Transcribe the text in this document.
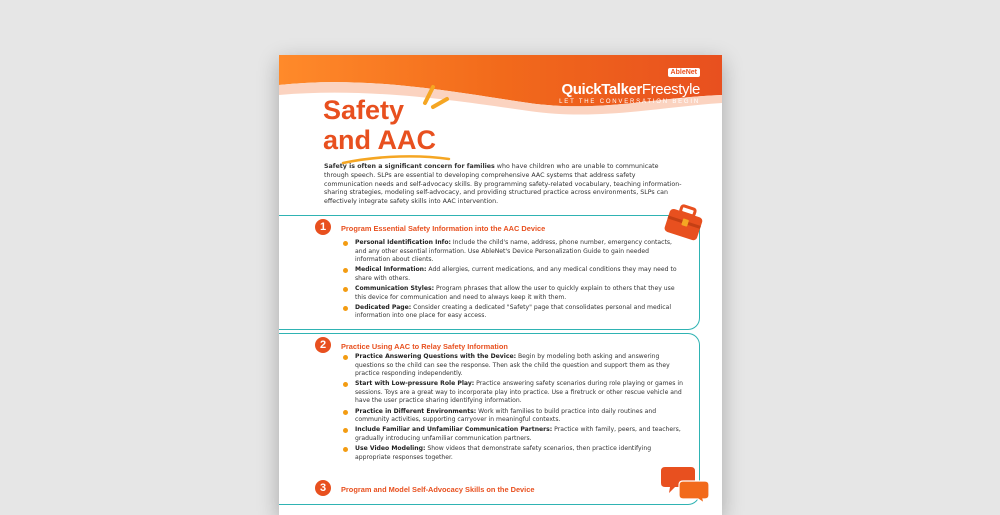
AbleNet
QuickTalkerFreestyle
LET THE CONVERSATION BEGIN
Safety
and AAC
Safety is often a significant concern for families who have children who are unable to communicate through speech. SLPs are essential to developing comprehensive AAC systems that address safety communication needs and self-advocacy skills. By programming safety-related vocabulary, teaching information-sharing strategies, modeling self-advocacy, and providing structured practice across environments, SLPs can effectively integrate safety skills into AAC intervention.
1	Program Essential Safety Information into the AAC Device
Personal Identification Info: Include the child's name, address, phone number, emergency contacts, and any other essential information. Use AbleNet's Device Personalization Guide to gain needed information about clients.
Medical Information: Add allergies, current medications, and any medical conditions they may need to share with others.
Communication Styles: Program phrases that allow the user to quickly explain to others that they use this device for communication and need to always keep it with them.
Dedicated Page: Consider creating a dedicated "Safety" page that consolidates personal and medical information into one place for easy access.
2	Practice Using AAC to Relay Safety Information
Practice Answering Questions with the Device: Begin by modeling both asking and answering questions so the child can see the response. Then ask the child the question and support them as they practice responding independently.
Start with Low-pressure Role Play: Practice answering safety scenarios during role playing or games in sessions. Toys are a great way to incorporate play into practice. Use a firetruck or other rescue vehicle and have the user practice sharing identifying information.
Practice in Different Environments: Work with families to build practice into daily routines and community activities, supporting carryover in meaningful contexts.
Include Familiar and Unfamiliar Communication Partners: Practice with family, peers, and teachers, gradually introducing unfamiliar communication partners.
Use Video Modeling: Show videos that demonstrate safety scenarios, then practice identifying appropriate responses together.
3	Program and Model Self-Advocacy Skills on the Device
